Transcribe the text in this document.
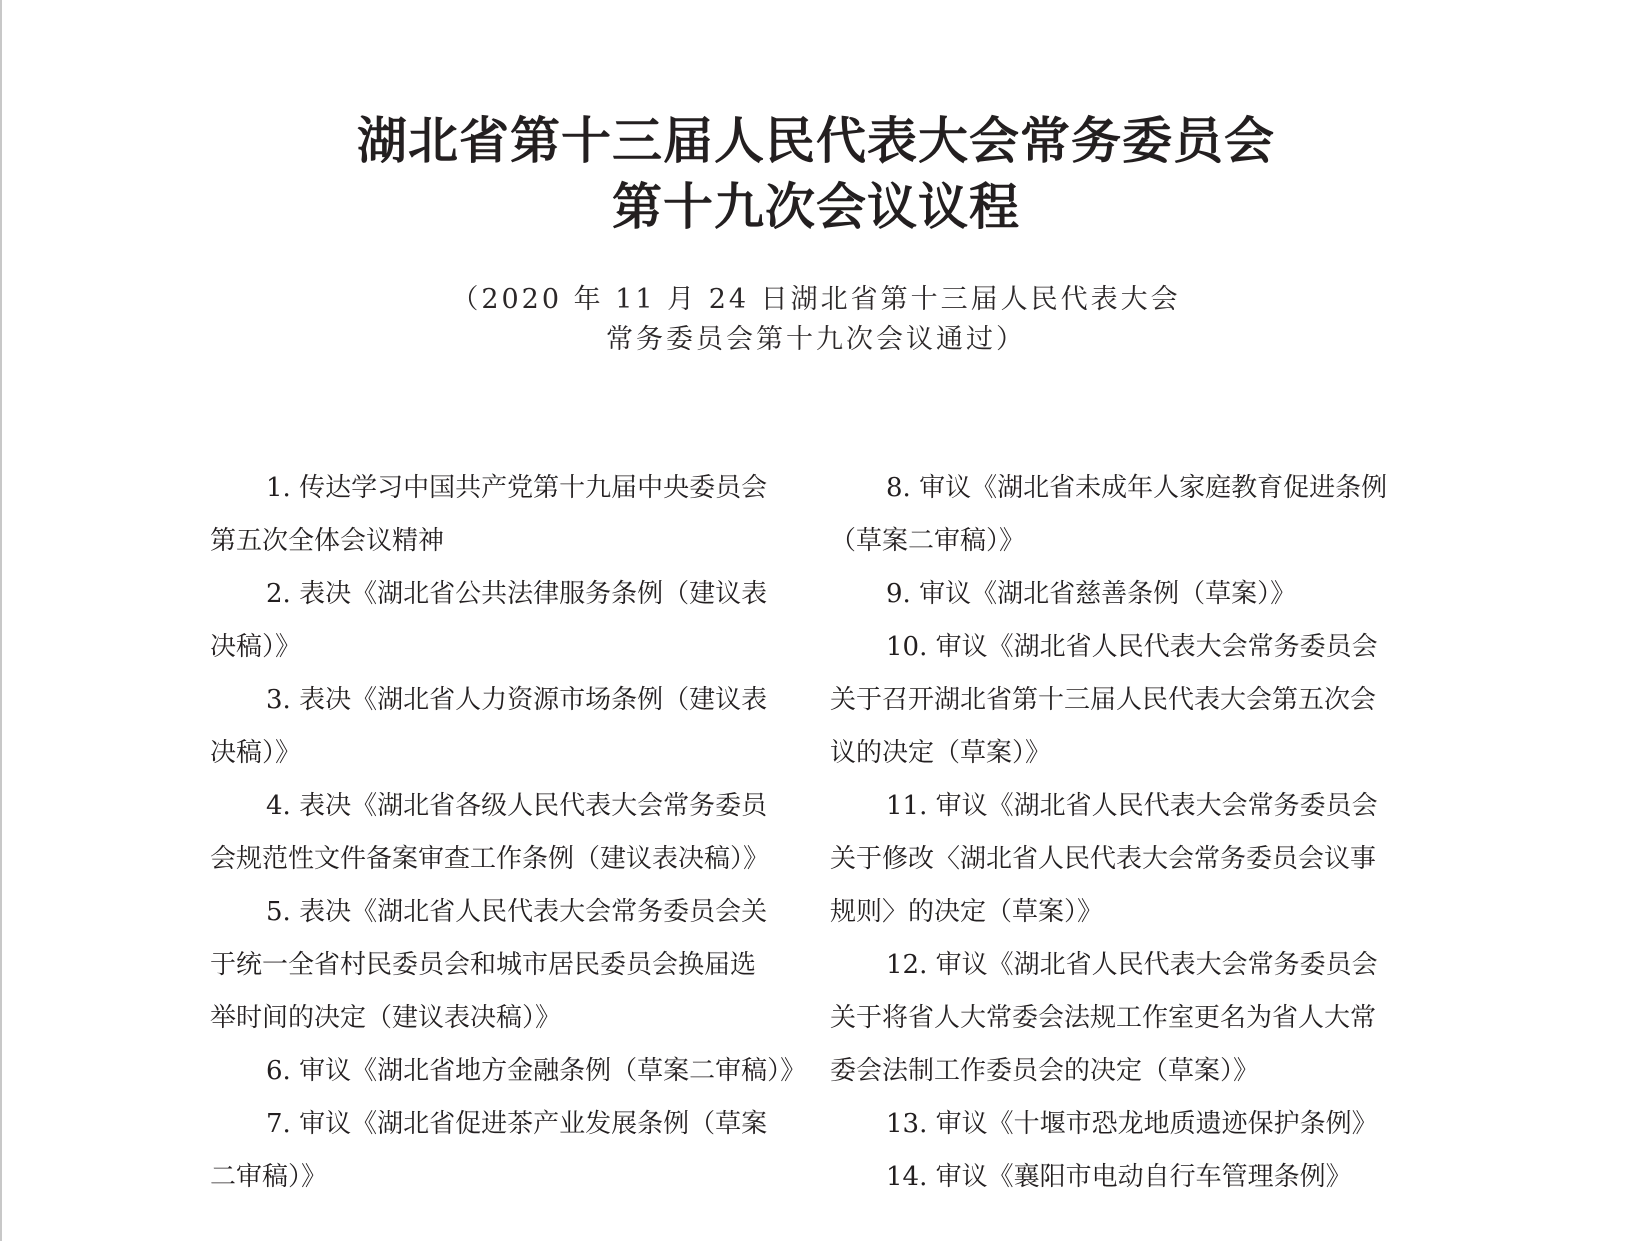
湖北省第十三届人民代表大会常务委员会
第十九次会议议程
（2020 年 11 月 24 日湖北省第十三届人民代表大会
常务委员会第十九次会议通过）
1. 传达学习中国共产党第十九届中央委员会
第五次全体会议精神
2. 表决《湖北省公共法律服务条例（建议表
决稿）》
3. 表决《湖北省人力资源市场条例（建议表
决稿）》
4. 表决《湖北省各级人民代表大会常务委员
会规范性文件备案审查工作条例（建议表决稿）》
5. 表决《湖北省人民代表大会常务委员会关
于统一全省村民委员会和城市居民委员会换届选
举时间的决定（建议表决稿）》
6. 审议《湖北省地方金融条例（草案二审稿）》
7. 审议《湖北省促进茶产业发展条例（草案
二审稿）》
8. 审议《湖北省未成年人家庭教育促进条例
（草案二审稿）》
9. 审议《湖北省慈善条例（草案）》
10. 审议《湖北省人民代表大会常务委员会
关于召开湖北省第十三届人民代表大会第五次会
议的决定（草案）》
11. 审议《湖北省人民代表大会常务委员会
关于修改〈湖北省人民代表大会常务委员会议事
规则〉的决定（草案）》
12. 审议《湖北省人民代表大会常务委员会
关于将省人大常委会法规工作室更名为省人大常
委会法制工作委员会的决定（草案）》
13. 审议《十堰市恐龙地质遗迹保护条例》
14. 审议《襄阳市电动自行车管理条例》
